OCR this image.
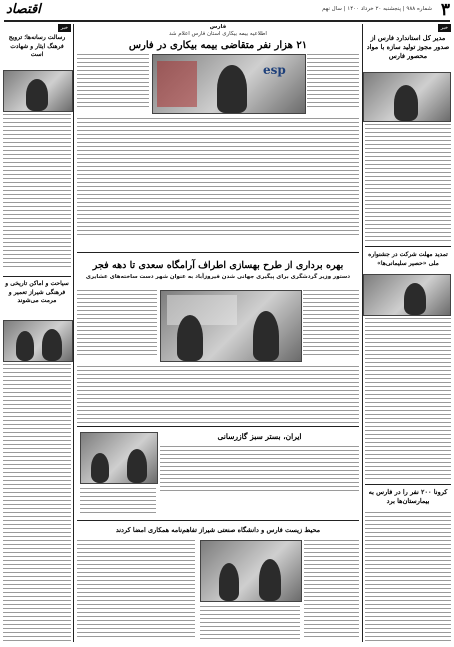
۳
شماره ۹۸۸ | پنجشنبه ۲۰ خرداد ۱۴۰۰ | سال نهم
اقتصاد
خبر
مدیر کل استاندارد فارس از صدور مجوز تولید سازه با مواد محصور فارس
تمدید مهلت شرکت در جشنواره ملی «حصیر سلیمانی‌ها»
کرونا ۲۰۰ نفر را در فارس به بیمارستان‌ها برد
خبر
رسالت رسانه‌ها؛ ترویج فرهنگ ایثار و شهادت است
سیاحت و اماکن تاریخی و فرهنگی شیراز تعمیر و مرمت می‌شوند
فارس
اطلاعیه بیمه بیکاری استان فارس اعلام شد
۲۱ هزار نفر متقاضی بیمه بیکاری در فارس
esp
بهره برداری از طرح بهسازی اطراف آرامگاه سعدی تا دهه فجر
دستور وزیر گردشگری برای پیگیری جهانی شدن فیروزآباد به عنوان شهر دست ساخته‌های عشایری
ایران، بستر سبز گازرسانی
محیط زیست فارس و دانشگاه صنعتی شیراز تفاهم‌نامه همکاری امضا کردند
